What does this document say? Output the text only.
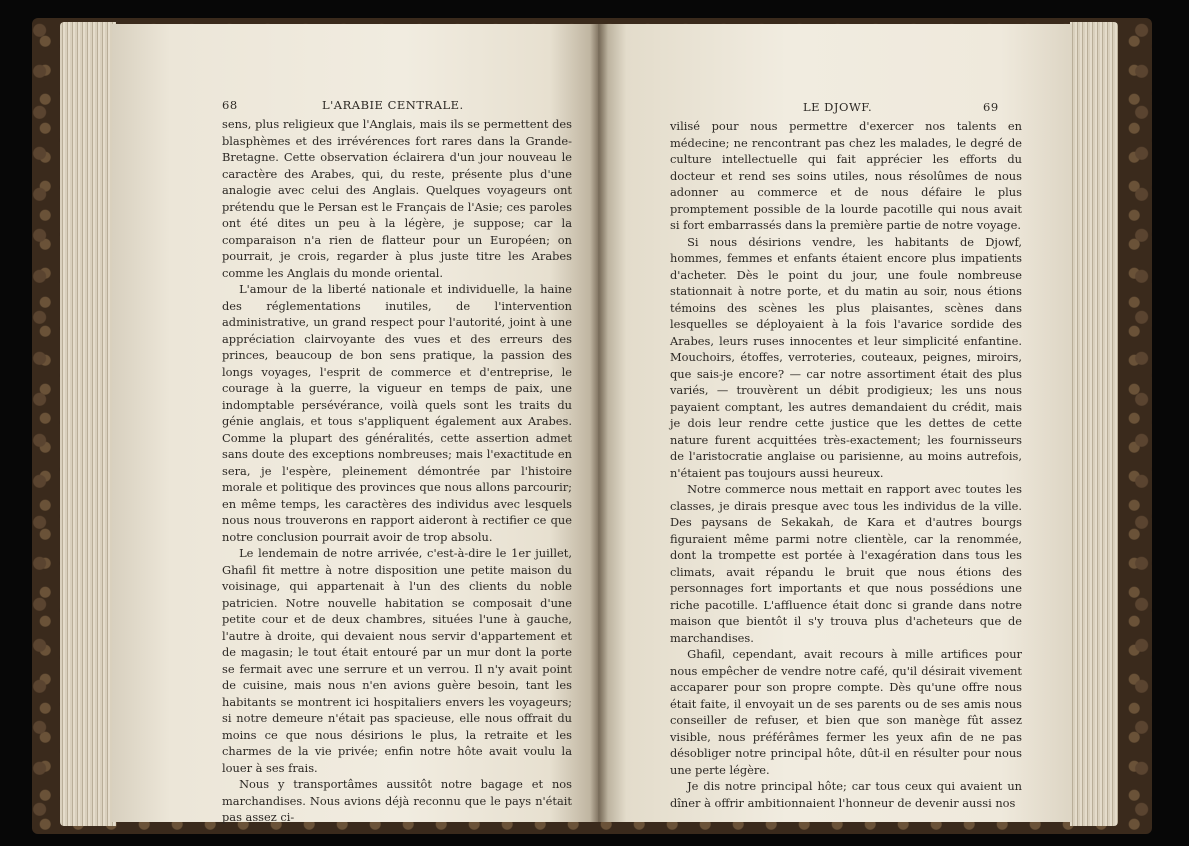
68	L'ARABIE CENTRALE.

sens, plus religieux que l'Anglais, mais ils se permettent des blasphèmes et des irrévérences fort rares dans la Grande-Bretagne. Cette observation éclairera d'un jour nouveau le caractère des Arabes, qui, du reste, présente plus d'une analogie avec celui des Anglais. Quelques voyageurs ont prétendu que le Persan est le Français de l'Asie; ces paroles ont été dites un peu à la légère, je suppose; car la comparaison n'a rien de flatteur pour un Européen; on pourrait, je crois, regarder à plus juste titre les Arabes comme les Anglais du monde oriental.

L'amour de la liberté nationale et individuelle, la haine des réglementations inutiles, de l'intervention administrative, un grand respect pour l'autorité, joint à une appréciation clairvoyante des vues et des erreurs des princes, beaucoup de bon sens pratique, la passion des longs voyages, l'esprit de commerce et d'entreprise, le courage à la guerre, la vigueur en temps de paix, une indomptable persévérance, voilà quels sont les traits du génie anglais, et tous s'appliquent également aux Arabes. Comme la plupart des généralités, cette assertion admet sans doute des exceptions nombreuses; mais l'exactitude en sera, je l'espère, pleinement démontrée par l'histoire morale et politique des provinces que nous allons parcourir; en même temps, les caractères des individus avec lesquels nous nous trouverons en rapport aideront à rectifier ce que notre conclusion pourrait avoir de trop absolu.

Le lendemain de notre arrivée, c'est-à-dire le 1er juillet, Ghafil fit mettre à notre disposition une petite maison du voisinage, qui appartenait à l'un des clients du noble patricien. Notre nouvelle habitation se composait d'une petite cour et de deux chambres, situées l'une à gauche, l'autre à droite, qui devaient nous servir d'appartement et de magasin; le tout était entouré par un mur dont la porte se fermait avec une serrure et un verrou. Il n'y avait point de cuisine, mais nous n'en avions guère besoin, tant les habitants se montrent ici hospitaliers envers les voyageurs; si notre demeure n'était pas spacieuse, elle nous offrait du moins ce que nous désirions le plus, la retraite et les charmes de la vie privée; enfin notre hôte avait voulu la louer à ses frais.

Nous y transportâmes aussitôt notre bagage et nos marchandises. Nous avions déjà reconnu que le pays n'était pas assez ci-

LE DJOWF.	69

vilisé pour nous permettre d'exercer nos talents en médecine; ne rencontrant pas chez les malades, le degré de culture intellectuelle qui fait apprécier les efforts du docteur et rend ses soins utiles, nous résolûmes de nous adonner au commerce et de nous défaire le plus promptement possible de la lourde pacotille qui nous avait si fort embarrassés dans la première partie de notre voyage.

Si nous désirions vendre, les habitants de Djowf, hommes, femmes et enfants étaient encore plus impatients d'acheter. Dès le point du jour, une foule nombreuse stationnait à notre porte, et du matin au soir, nous étions témoins des scènes les plus plaisantes, scènes dans lesquelles se déployaient à la fois l'avarice sordide des Arabes, leurs ruses innocentes et leur simplicité enfantine. Mouchoirs, étoffes, verroteries, couteaux, peignes, miroirs, que sais-je encore? — car notre assortiment était des plus variés, — trouvèrent un débit prodigieux; les uns nous payaient comptant, les autres demandaient du crédit, mais je dois leur rendre cette justice que les dettes de cette nature furent acquittées très-exactement; les fournisseurs de l'aristocratie anglaise ou parisienne, au moins autrefois, n'étaient pas toujours aussi heureux.

Notre commerce nous mettait en rapport avec toutes les classes, je dirais presque avec tous les individus de la ville. Des paysans de Sekakah, de Kara et d'autres bourgs figuraient même parmi notre clientèle, car la renommée, dont la trompette est portée à l'exagération dans tous les climats, avait répandu le bruit que nous étions des personnages fort importants et que nous possédions une riche pacotille. L'affluence était donc si grande dans notre maison que bientôt il s'y trouva plus d'acheteurs que de marchandises.

Ghafil, cependant, avait recours à mille artifices pour nous empêcher de vendre notre café, qu'il désirait vivement accaparer pour son propre compte. Dès qu'une offre nous était faite, il envoyait un de ses parents ou de ses amis nous conseiller de refuser, et bien que son manège fût assez visible, nous préférâmes fermer les yeux afin de ne pas désobliger notre principal hôte, dût-il en résulter pour nous une perte légère.

Je dis notre principal hôte; car tous ceux qui avaient un dîner à offrir ambitionnaient l'honneur de devenir aussi nos
